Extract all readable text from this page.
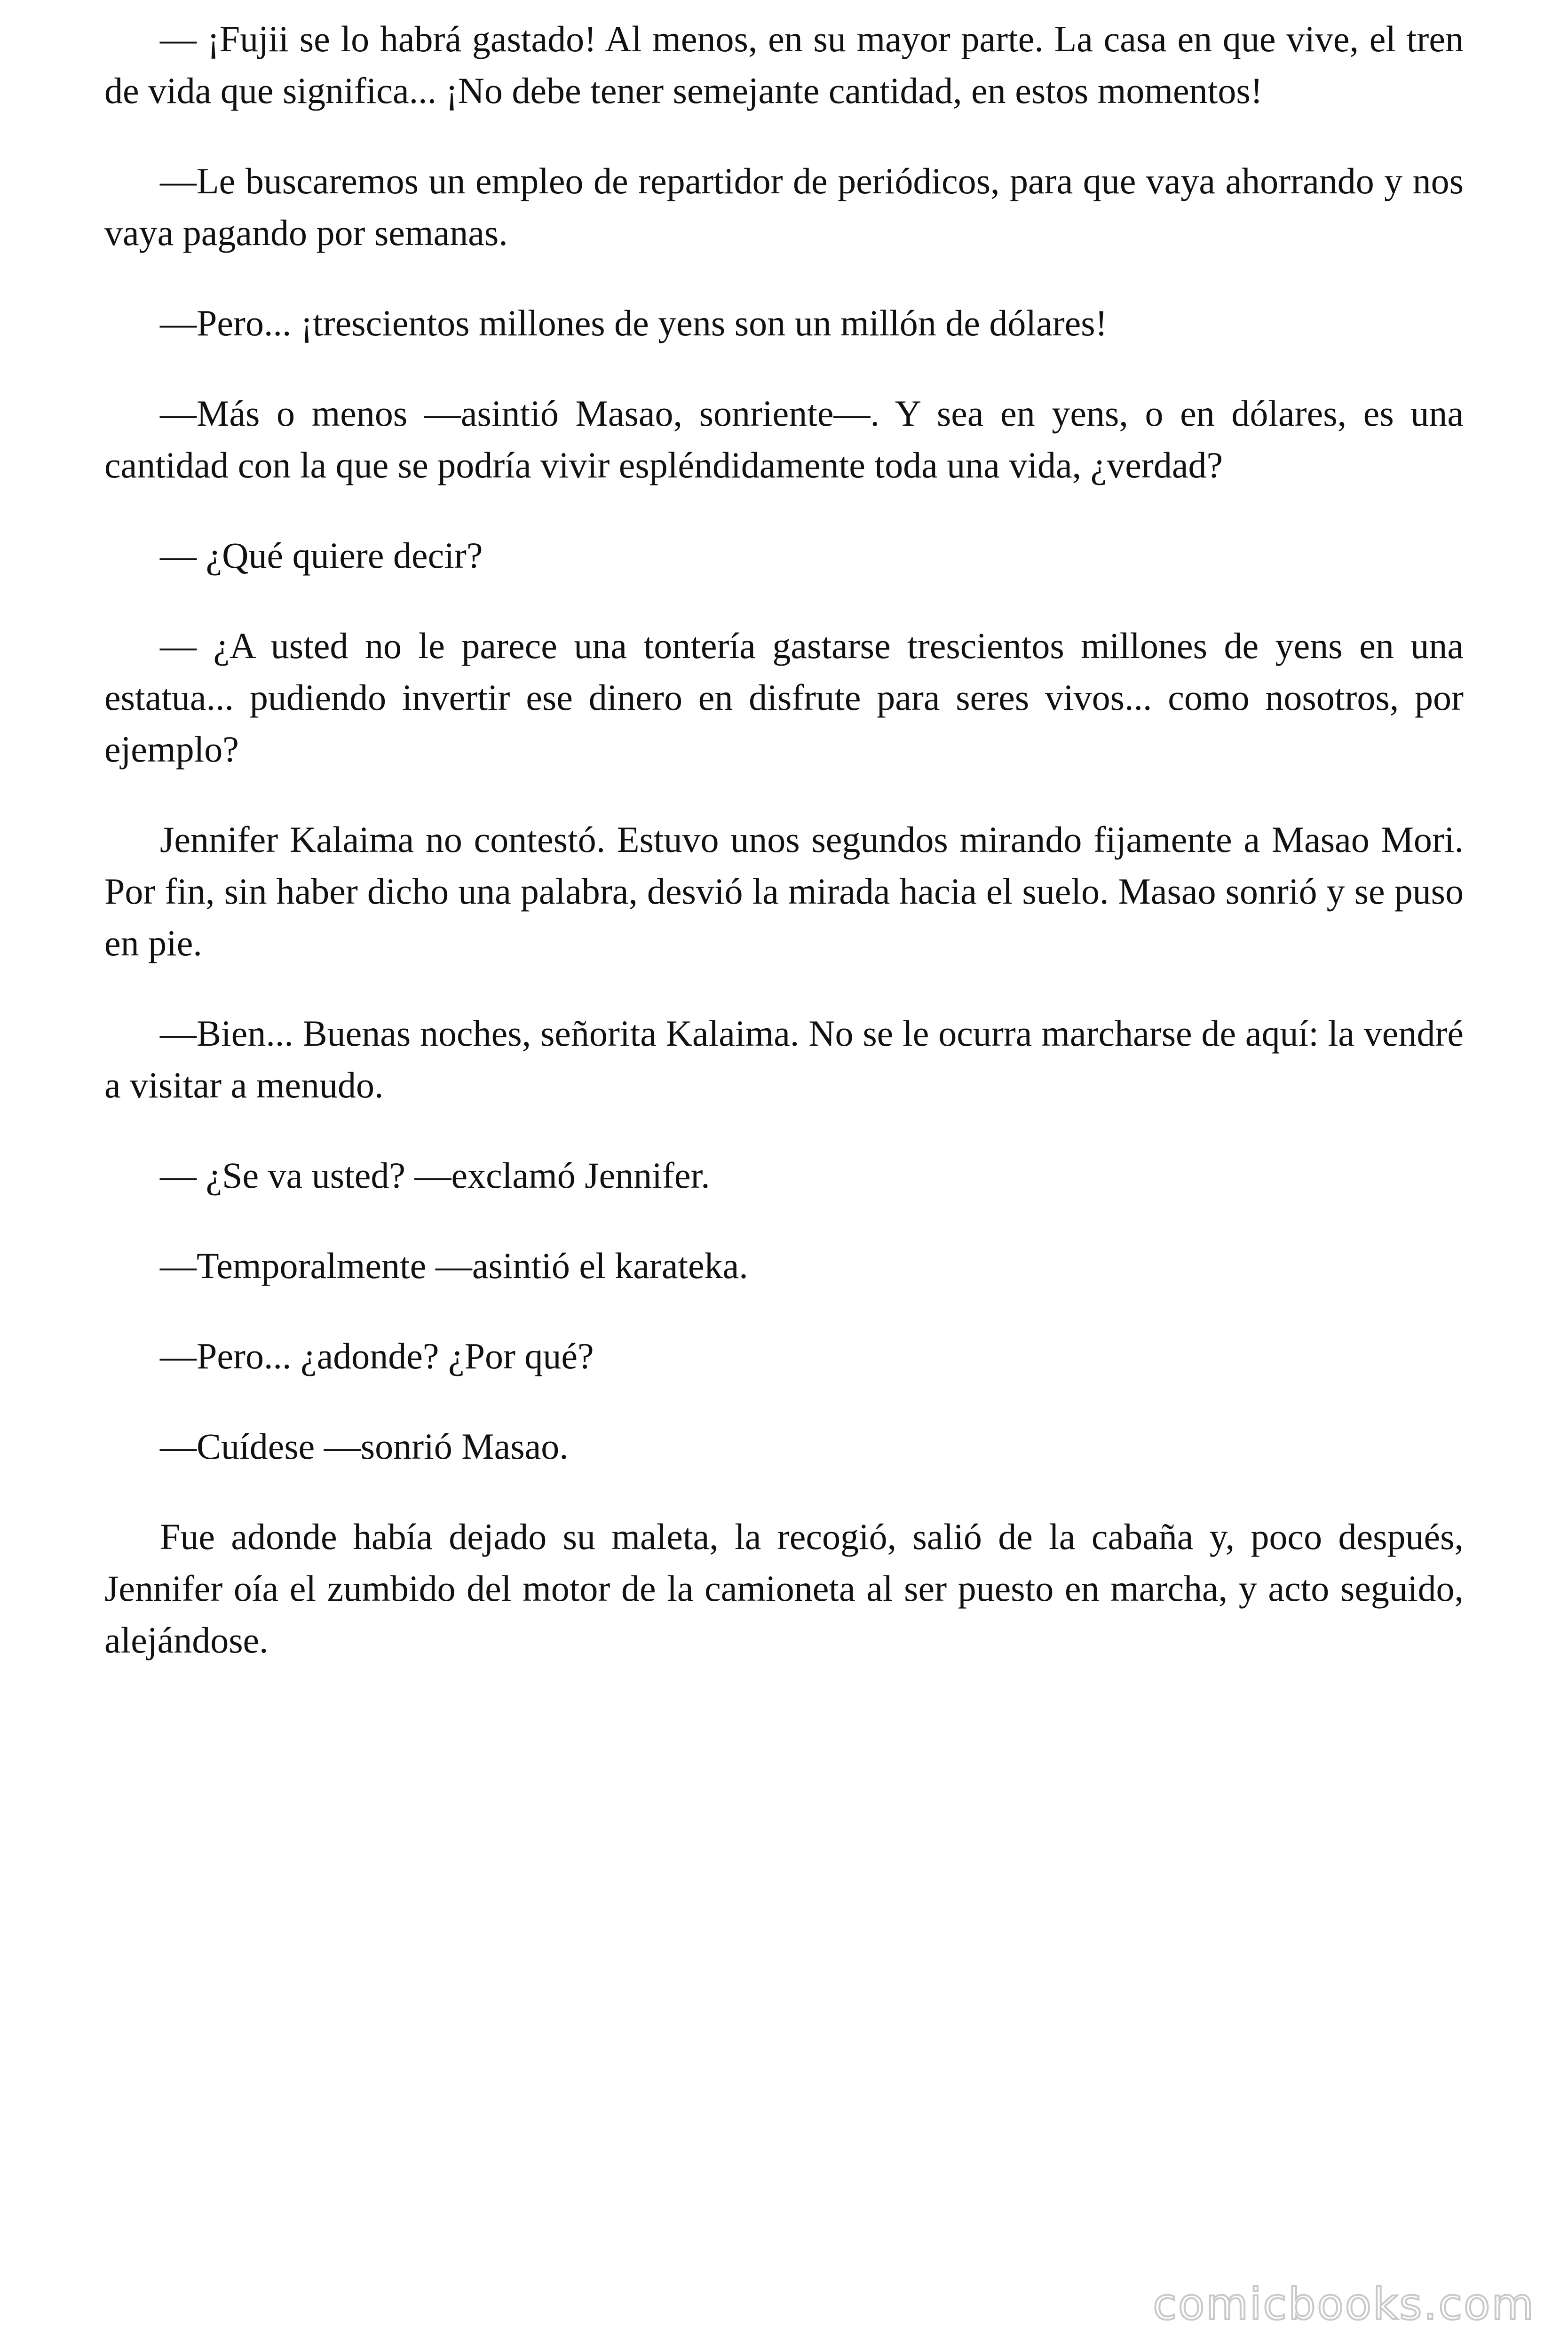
— ¡Fujii se lo habrá gastado! Al menos, en su mayor parte. La casa en que vive, el tren de vida que significa... ¡No debe tener semejante cantidad, en estos momentos!

—Le buscaremos un empleo de repartidor de periódicos, para que vaya ahorrando y nos vaya pagando por semanas.

—Pero... ¡trescientos millones de yens son un millón de dólares!

—Más o menos —asintió Masao, sonriente—. Y sea en yens, o en dólares, es una cantidad con la que se podría vivir espléndidamente toda una vida, ¿verdad?

— ¿Qué quiere decir?

— ¿A usted no le parece una tontería gastarse trescientos millones de yens en una estatua... pudiendo invertir ese dinero en disfrute para seres vivos... como nosotros, por ejemplo?

Jennifer Kalaima no contestó. Estuvo unos segundos mirando fijamente a Masao Mori. Por fin, sin haber dicho una palabra, desvió la mirada hacia el suelo. Masao sonrió y se puso en pie.

—Bien... Buenas noches, señorita Kalaima. No se le ocurra marcharse de aquí: la vendré a visitar a menudo.

— ¿Se va usted? —exclamó Jennifer.

—Temporalmente —asintió el karateka.

—Pero... ¿adonde? ¿Por qué?

—Cuídese —sonrió Masao.

Fue adonde había dejado su maleta, la recogió, salió de la cabaña y, poco después, Jennifer oía el zumbido del motor de la camioneta al ser puesto en marcha, y acto seguido, alejándose.

comicbooks.com
